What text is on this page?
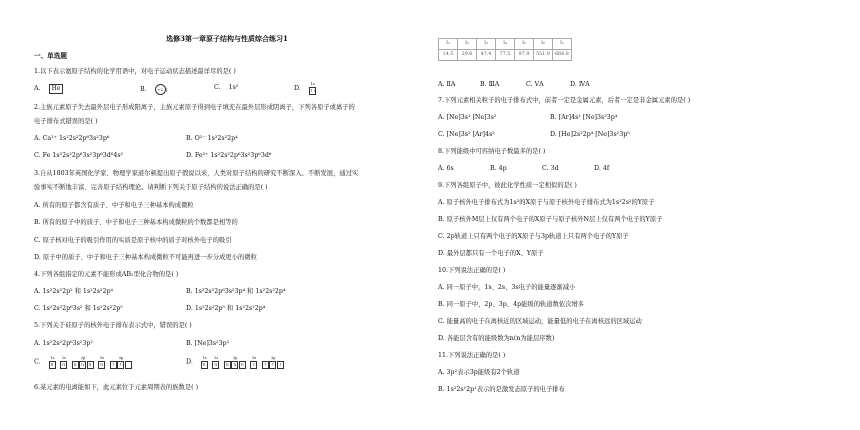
选修3第一章原子结构与性质综合练习1
一、单选题
1.以下表示氦原子结构的化学用语中，对电子运动状态描述最详尽的是( )
A. He	B.	+2 )	C. 1s²	D.
1s
↑↓
2.主族元素原子失去最外层电子形成阳离子，主族元素原子得到电子填充在最外层形成阴离子，下列各原子或离子的
电子排布式错误的是( )
A. Ca²⁺ 1s²2s²2p⁶3s²3p⁶	B. O²⁻ 1s²2s²2p⁴
C. Fe 1s²2s²2p⁶3s²3p⁶3d⁶4s²	D. Fe²⁺ 1s²2s²2p⁶3s²3p⁶3d⁶
3.自从1803年英国化学家、物理学家道尔顿提出原子假说以来，人类对原子结构的研究不断深入、不断发展，通过实
验事实不断地丰富、完善原子结构理论。请判断下列关于原子结构的说法正确的是( )
A. 所有的原子都含有质子、中子和电子三种基本构成微粒
B. 所有的原子中的质子、中子和电子三种基本构成微粒的个数都是相等的
C. 原子核对电子的吸引作用的实质是原子核中的质子对核外电子的吸引
D. 原子中的质子、中子和电子三种基本构成微粒不可能再进一步分成更小的微粒
4.下列各组指定的元素不能形成AB₂型化合物的是( )
A. 1s²2s²2p² 和 1s²2s²2p⁴	B. 1s²2s²2p⁶3s²3p⁴ 和 1s²2s²2p⁴
C. 1s²2s²2p⁶3s² 和 1s²2s²2p⁵	D. 1s²2s²2p⁵ 和 1s²2s²2p⁴
5.下列关于硅原子的核外电子排布表示式中，错误的是( )
A. 1s²2s²2p⁶3s²3p²	B. [Ne]3s²3p²
C.
1s
⇅
2s
⇅
2p
⇅ ⇅ ⇅
3s
⇅
3p
↑ ↑	D.
1s
⇅
2s
⇅
2p
⇅ ⇅ ⇅
3s
↑
3p
↑ ↑ ↑
6.某元素的电离能如下，此元素位于元素周期表的族数是( )
I₁	I₂	I₃	I₄	I₅	I₆	I₇
14.5	29.6	47.4	77.5	97.9	551.9	666.8
A. ⅡA	B. ⅢA	C. ⅤA	D. ⅣA
7.下列元素相关粒子的电子排布式中，前者一定是金属元素，后者一定是非金属元素的是( )
A. [Ne]3s¹ [Ne]3s²	B. [Ar]4s¹ [Ne]3s²3p⁴
C. [Ne]3s² [Ar]4s²	D. [He]2s²2p⁴ [Ne]3s²3p⁵
8.下列能级中可容纳电子数最多的是( )
A. 6s	B. 4p	C. 3d	D. 4f
9.下列各组原子中，彼此化学性质一定相似的是( )
A. 原子核外电子排布式为1s²的X原子与原子核外电子排布式为1s²2s²的Y原子
B. 原子核外M层上仅有两个电子的X原子与原子核外N层上仅有两个电子的Y原子
C. 2p轨道上只有两个电子的X原子与3p轨道上只有两个电子的Y原子
D. 最外层都只有一个电子的X、Y原子
10.下列说法正确的是( )
A. 同一原子中，1s、2s、3s电子的能量逐渐减小
B. 同一原子中，2p、3p、4p能级的轨道数依次增多
C. 能量高的电子在离核近的区域运动，能量低的电子在离核远的区域运动
D. 各能层含有的能级数为n(n为能层序数)
11.下列说法正确的是( )
A. 3p²表示3p能级有2个轨道
B. 1s²2s¹2p¹表示的是激发态原子的电子排布
